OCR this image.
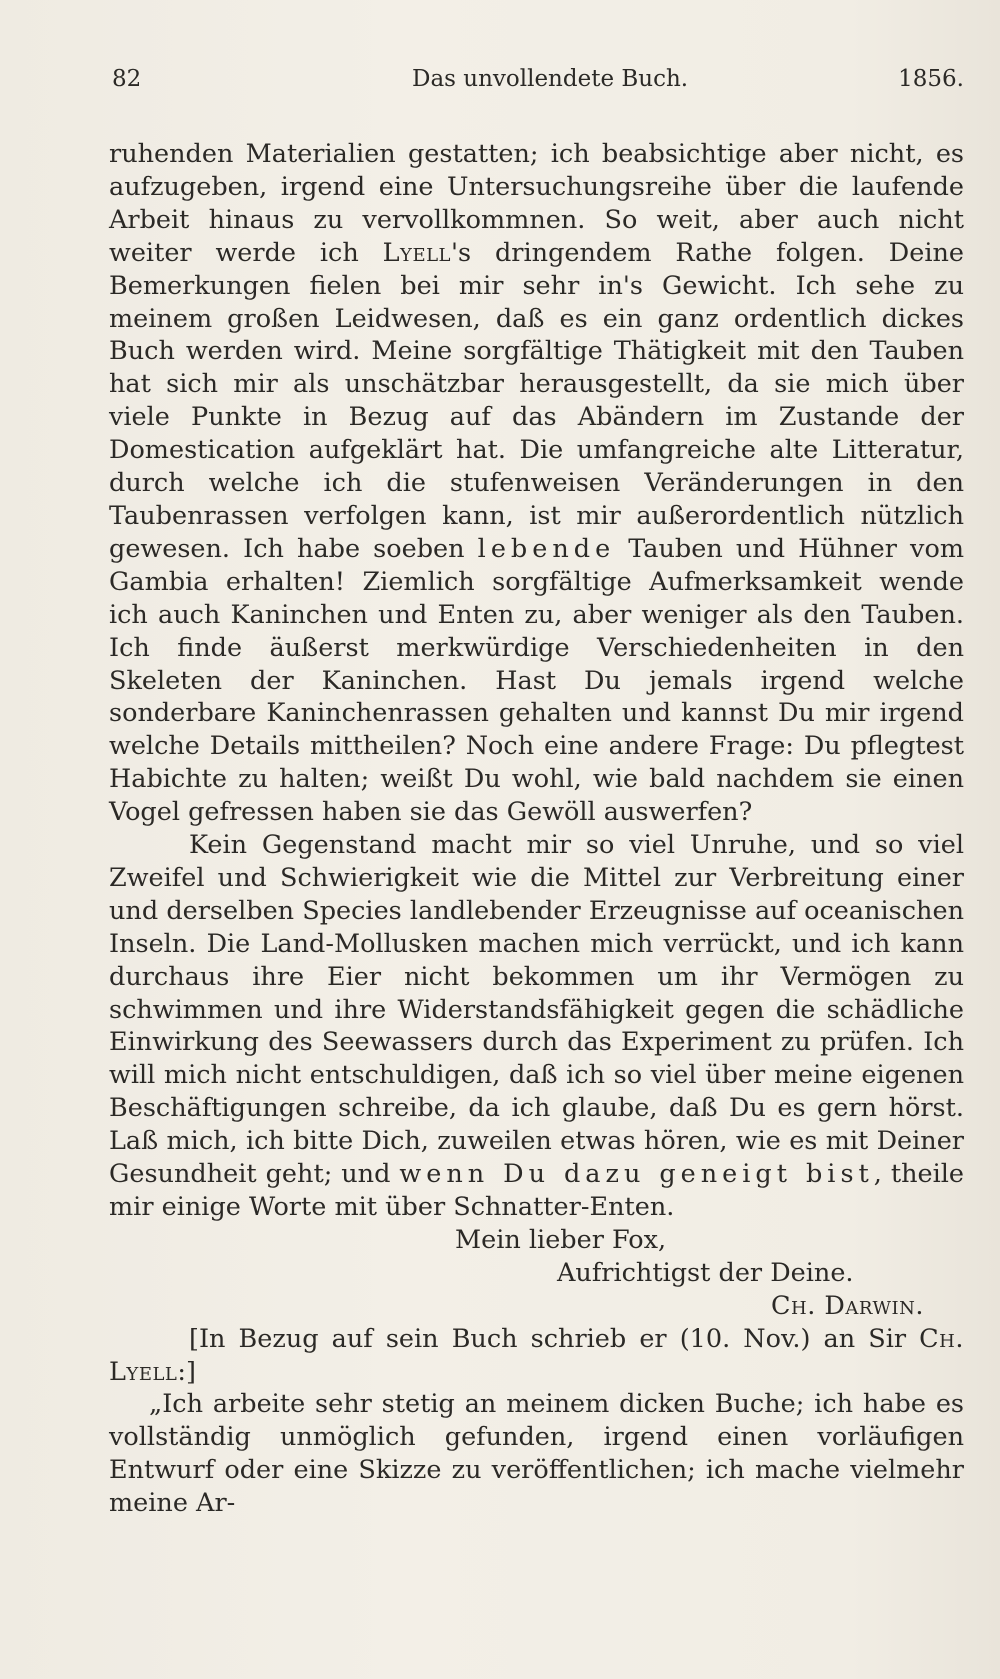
82	Das unvollendete Buch.	1856.

ruhenden Materialien gestatten; ich beabsichtige aber nicht, es aufzugeben, irgend eine Untersuchungsreihe über die laufende Arbeit hinaus zu vervollkommnen. So weit, aber auch nicht weiter werde ich Lyell's dringendem Rathe folgen. Deine Bemerkungen fielen bei mir sehr in's Gewicht. Ich sehe zu meinem großen Leidwesen, daß es ein ganz ordentlich dickes Buch werden wird. Meine sorgfältige Thätigkeit mit den Tauben hat sich mir als unschätzbar herausgestellt, da sie mich über viele Punkte in Bezug auf das Abändern im Zustande der Domestication aufgeklärt hat. Die umfangreiche alte Litteratur, durch welche ich die stufenweisen Veränderungen in den Taubenrassen verfolgen kann, ist mir außerordentlich nützlich gewesen. Ich habe soeben lebende Tauben und Hühner vom Gambia erhalten! Ziemlich sorgfältige Aufmerksamkeit wende ich auch Kaninchen und Enten zu, aber weniger als den Tauben. Ich finde äußerst merkwürdige Verschiedenheiten in den Skeleten der Kaninchen. Hast Du jemals irgend welche sonderbare Kaninchenrassen gehalten und kannst Du mir irgend welche Details mittheilen? Noch eine andere Frage: Du pflegtest Habichte zu halten; weißt Du wohl, wie bald nachdem sie einen Vogel gefressen haben sie das Gewöll auswerfen?

Kein Gegenstand macht mir so viel Unruhe, und so viel Zweifel und Schwierigkeit wie die Mittel zur Verbreitung einer und derselben Species landlebender Erzeugnisse auf oceanischen Inseln. Die Land-Mollusken machen mich verrückt, und ich kann durchaus ihre Eier nicht bekommen um ihr Vermögen zu schwimmen und ihre Widerstandsfähigkeit gegen die schädliche Einwirkung des Seewassers durch das Experiment zu prüfen. Ich will mich nicht entschuldigen, daß ich so viel über meine eigenen Beschäftigungen schreibe, da ich glaube, daß Du es gern hörst. Laß mich, ich bitte Dich, zuweilen etwas hören, wie es mit Deiner Gesundheit geht; und wenn Du dazu geneigt bist, theile mir einige Worte mit über Schnatter-Enten.

Mein lieber Fox,
Aufrichtigst der Deine.
Ch. Darwin.

[In Bezug auf sein Buch schrieb er (10. Nov.) an Sir Ch. Lyell:]

„Ich arbeite sehr stetig an meinem dicken Buche; ich habe es vollständig unmöglich gefunden, irgend einen vorläufigen Entwurf oder eine Skizze zu veröffentlichen; ich mache vielmehr meine Ar-
